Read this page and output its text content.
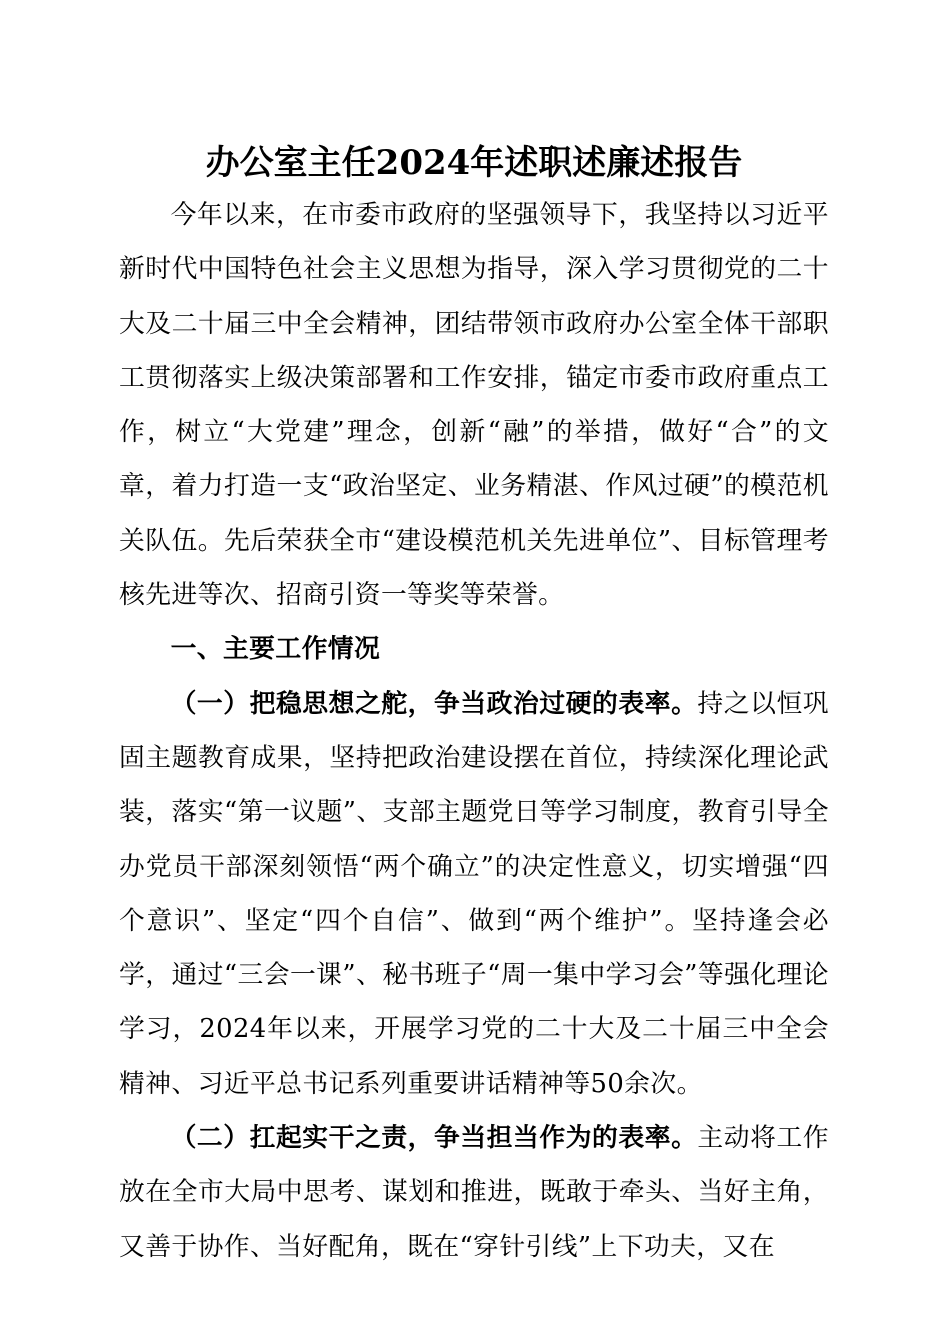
办公室主任2024年述职述廉述报告

今年以来，在市委市政府的坚强领导下，我坚持以习近平新时代中国特色社会主义思想为指导，深入学习贯彻党的二十大及二十届三中全会精神，团结带领市政府办公室全体干部职工贯彻落实上级决策部署和工作安排，锚定市委市政府重点工作，树立“大党建”理念，创新“融”的举措，做好“合”的文章，着力打造一支“政治坚定、业务精湛、作风过硬”的模范机关队伍。先后荣获全市“建设模范机关先进单位”、目标管理考核先进等次、招商引资一等奖等荣誉。

一、主要工作情况

（一）把稳思想之舵，争当政治过硬的表率。持之以恒巩固主题教育成果，坚持把政治建设摆在首位，持续深化理论武装，落实“第一议题”、支部主题党日等学习制度，教育引导全办党员干部深刻领悟“两个确立”的决定性意义，切实增强“四个意识”、坚定“四个自信”、做到“两个维护”。坚持逢会必学，通过“三会一课”、秘书班子“周一集中学习会”等强化理论学习，2024年以来，开展学习党的二十大及二十届三中全会精神、习近平总书记系列重要讲话精神等50余次。

（二）扛起实干之责，争当担当作为的表率。主动将工作放在全市大局中思考、谋划和推进，既敢于牵头、当好主角，又善于协作、当好配角，既在“穿针引线”上下功夫，又在
